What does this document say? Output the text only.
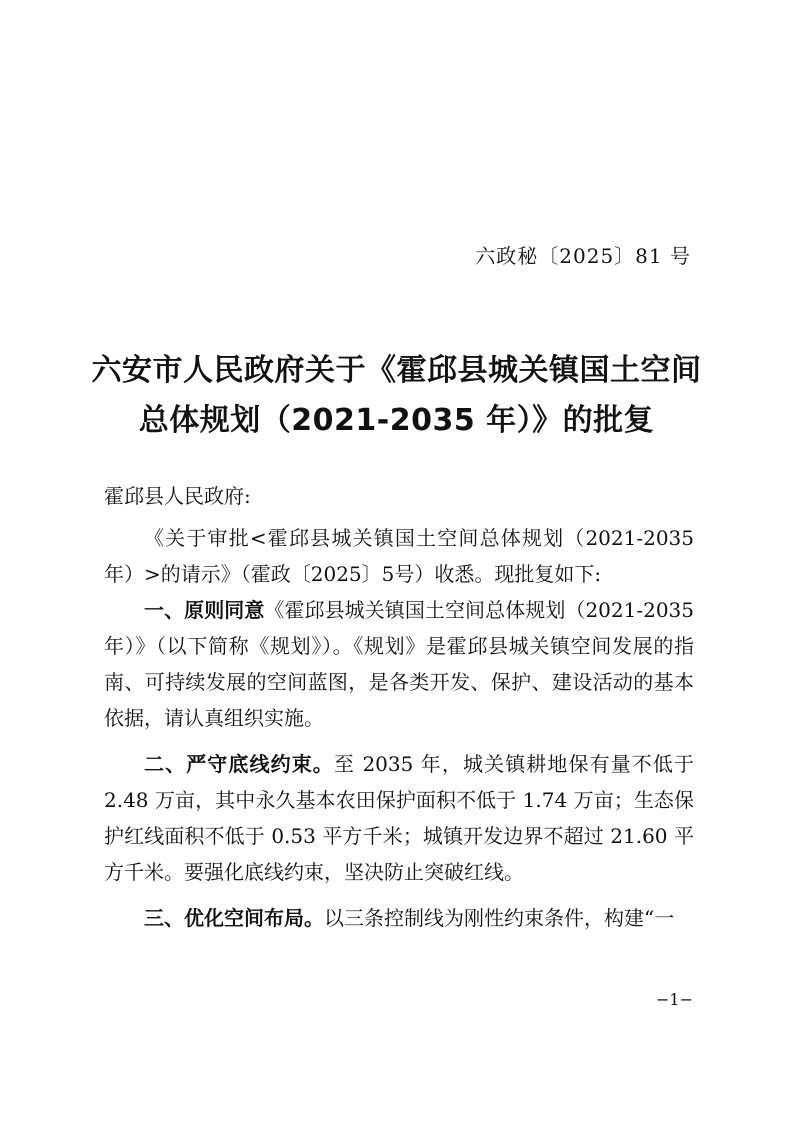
六政秘〔2025〕81 号
六安市人民政府关于《霍邱县城关镇国土空间
总体规划（2021-2035 年）》的批复
霍邱县人民政府:

《关于审批<霍邱县城关镇国土空间总体规划（2021-2035 年）>的请示》（霍政〔2025〕5号）收悉。现批复如下:

一、原则同意《霍邱县城关镇国土空间总体规划（2021-2035 年）》（以下简称《规划》）。《规划》是霍邱县城关镇空间发展的指南、可持续发展的空间蓝图，是各类开发、保护、建设活动的基本依据，请认真组织实施。

二、严守底线约束。至 2035 年，城关镇耕地保有量不低于 2.48 万亩，其中永久基本农田保护面积不低于 1.74 万亩；生态保护红线面积不低于 0.53 平方千米；城镇开发边界不超过 21.60 平方千米。要强化底线约束，坚决防止突破红线。

三、优化空间布局。以三条控制线为刚性约束条件，构建“一

−1−
